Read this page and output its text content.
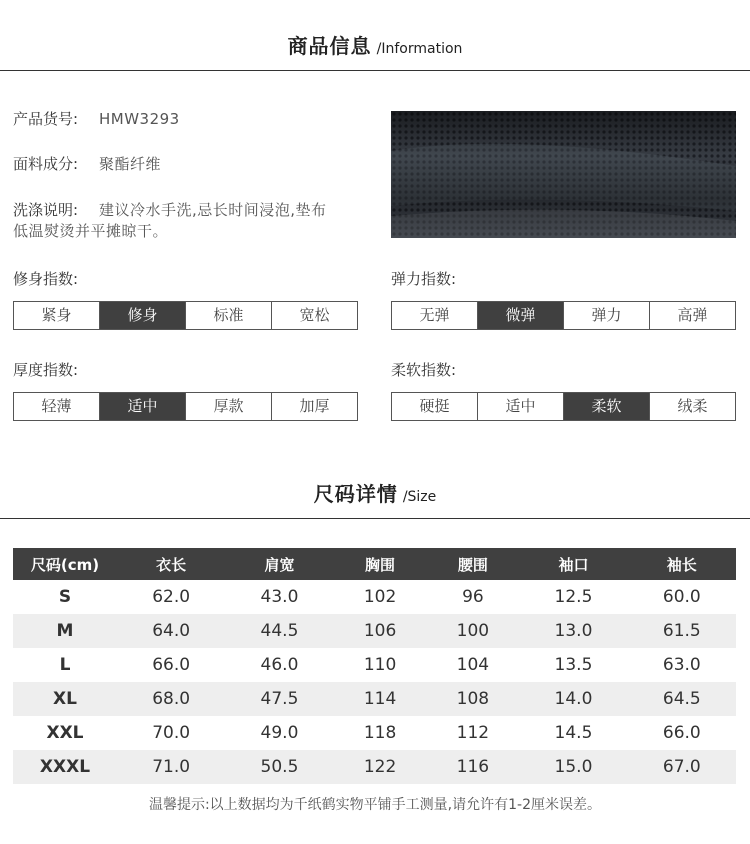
商品信息 /Information
产品货号:	HMW3293
面料成分:	聚酯纤维
洗涤说明:	建议冷水手洗,忌长时间浸泡,垫布
低温熨烫并平摊晾干。
修身指数:
紧身	修身	标准	宽松
弹力指数:
无弹	微弹	弹力	高弹
厚度指数:
轻薄	适中	厚款	加厚
柔软指数:
硬挺	适中	柔软	绒柔
尺码详情 /Size
尺码(cm)	衣长	肩宽	胸围	腰围	袖口	袖长
S	62.0	43.0	102	96	12.5	60.0
M	64.0	44.5	106	100	13.0	61.5
L	66.0	46.0	110	104	13.5	63.0
XL	68.0	47.5	114	108	14.0	64.5
XXL	70.0	49.0	118	112	14.5	66.0
XXXL	71.0	50.5	122	116	15.0	67.0
温馨提示:以上数据均为千纸鹤实物平铺手工测量,请允许有1-2厘米误差。
